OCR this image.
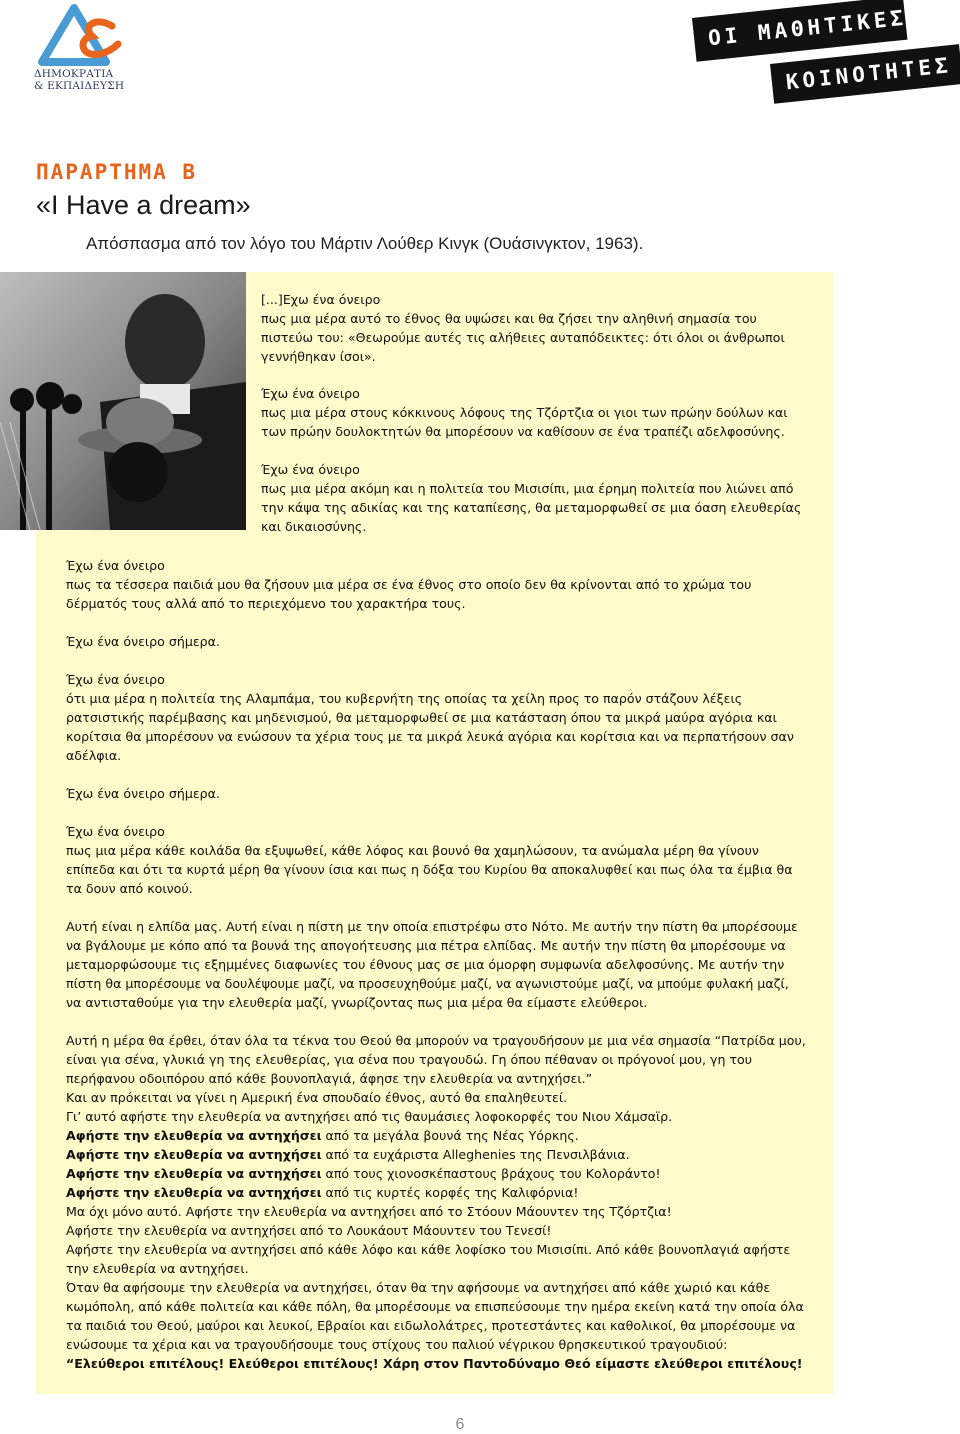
ΔΗΜΟΚΡΑΤΙΑ
& ΕΚΠΑΙΔΕΥΣΗ
ΟΙ ΜΑΘΗΤΙΚΕΣ
ΚΟΙΝΟΤΗΤΕΣ
ΠΑΡΑΡΤΗΜΑ Β
«I Have a dream»
Απόσπασμα από τον λόγο του Μάρτιν Λούθερ Κινγκ (Ουάσινγκτον, 1963).

[...]Εχω ένα όνειρο

πως μια μέρα αυτό το έθνος θα υψώσει και θα ζήσει την αληθινή σημασία του πιστεύω του: «Θεωρούμε αυτές τις αλήθειες αυταπόδεικτες: ότι όλοι οι άνθρωποι γεννήθηκαν ίσοι».

Έχω ένα όνειρο

πως μια μέρα στους κόκκινους λόφους της Τζόρτζια οι γιοι των πρώην δούλων και των πρώην δουλοκτητών θα μπορέσουν να καθίσουν σε ένα τραπέζι αδελφοσύνης.

Έχω ένα όνειρο

πως μια μέρα ακόμη και η πολιτεία του Μισισίπι, μια έρημη πολιτεία που λιώνει από την κάψα της αδικίας και της καταπίεσης, θα μεταμορφωθεί σε μια όαση ελευθερίας και δικαιοσύνης.

Έχω ένα όνειρο

πως τα τέσσερα παιδιά μου θα ζήσουν μια μέρα σε ένα έθνος στο οποίο δεν θα κρίνονται από το χρώμα του δέρματός τους αλλά από το περιεχόμενο του χαρακτήρα τους.

Έχω ένα όνειρο σήμερα.

Έχω ένα όνειρο

ότι μια μέρα η πολιτεία της Αλαμπάμα, του κυβερνήτη της οποίας τα χείλη προς το παρόν στάζουν λέξεις ρατσιστικής παρέμβασης και μηδενισμού, θα μεταμορφωθεί σε μια κατάσταση όπου τα μικρά μαύρα αγόρια και κορίτσια θα μπορέσουν να ενώσουν τα χέρια τους με τα μικρά λευκά αγόρια και κορίτσια και να περπατήσουν σαν αδέλφια.

Έχω ένα όνειρο σήμερα.

Έχω ένα όνειρο

πως μια μέρα κάθε κοιλάδα θα εξυψωθεί, κάθε λόφος και βουνό θα χαμηλώσουν, τα ανώμαλα μέρη θα γίνουν επίπεδα και ότι τα κυρτά μέρη θα γίνουν ίσια και πως η δόξα του Κυρίου θα αποκαλυφθεί και πως όλα τα έμβια θα τα δουν από κοινού.

Αυτή είναι η ελπίδα μας. Αυτή είναι η πίστη με την οποία επιστρέφω στο Νότο. Με αυτήν την πίστη θα μπορέσουμε να βγάλουμε με κόπο από τα βουνά της απογοήτευσης μια πέτρα ελπίδας. Με αυτήν την πίστη θα μπορέσουμε να μεταμορφώσουμε τις εξημμένες διαφωνίες του έθνους μας σε μια όμορφη συμφωνία αδελφοσύνης. Με αυτήν την πίστη θα μπορέσουμε να δουλέψουμε μαζί, να προσευχηθούμε μαζί, να αγωνιστούμε μαζί, να μπούμε φυλακή μαζί, να αντισταθούμε για την ελευθερία μαζί, γνωρίζοντας πως μια μέρα θα είμαστε ελεύθεροι.

Αυτή η μέρα θα έρθει, όταν όλα τα τέκνα του Θεού θα μπορούν να τραγουδήσουν με μια νέα σημασία “Πατρίδα μου, είναι για σένα, γλυκιά γη της ελευθερίας, για σένα που τραγουδώ. Γη όπου πέθαναν οι πρόγονοί μου, γη του περήφανου οδοιπόρου από κάθε βουνοπλαγιά, άφησε την ελευθερία να αντηχήσει.”

Και αν πρόκειται να γίνει η Αμερική ένα σπουδαίο έθνος, αυτό θα επαληθευτεί.

Γι’ αυτό αφήστε την ελευθερία να αντηχήσει από τις θαυμάσιες λοφοκορφές του Νιου Χάμσαϊρ.

Αφήστε την ελευθερία να αντηχήσει από τα μεγάλα βουνά της Νέας Υόρκης.

Αφήστε την ελευθερία να αντηχήσει από τα ευχάριστα Alleghenies της Πενσιλβάνια.

Αφήστε την ελευθερία να αντηχήσει από τους χιονοσκέπαστους βράχους του Κολοράντο!

Αφήστε την ελευθερία να αντηχήσει από τις κυρτές κορφές της Καλιφόρνια!

Μα όχι μόνο αυτό. Αφήστε την ελευθερία να αντηχήσει από το Στόουν Μάουντεν της Τζόρτζια!

Αφήστε την ελευθερία να αντηχήσει από το Λουκάουτ Μάουντεν του Τενεσί!

Αφήστε την ελευθερία να αντηχήσει από κάθε λόφο και κάθε λοφίσκο του Μισισίπι. Από κάθε βουνοπλαγιά αφήστε την ελευθερία να αντηχήσει.

Όταν θα αφήσουμε την ελευθερία να αντηχήσει, όταν θα την αφήσουμε να αντηχήσει από κάθε χωριό και κάθε κωμόπολη, από κάθε πολιτεία και κάθε πόλη, θα μπορέσουμε να επισπεύσουμε την ημέρα εκείνη κατά την οποία όλα τα παιδιά του Θεού, μαύροι και λευκοί, Εβραίοι και ειδωλολάτρες, προτεστάντες και καθολικοί, θα μπορέσουμε να ενώσουμε τα χέρια και να τραγουδήσουμε τους στίχους του παλιού νέγρικου θρησκευτικού τραγουδιού:

“Ελεύθεροι επιτέλους! Ελεύθεροι επιτέλους! Χάρη στον Παντοδύναμο Θεό είμαστε ελεύθεροι επιτέλους!

6
